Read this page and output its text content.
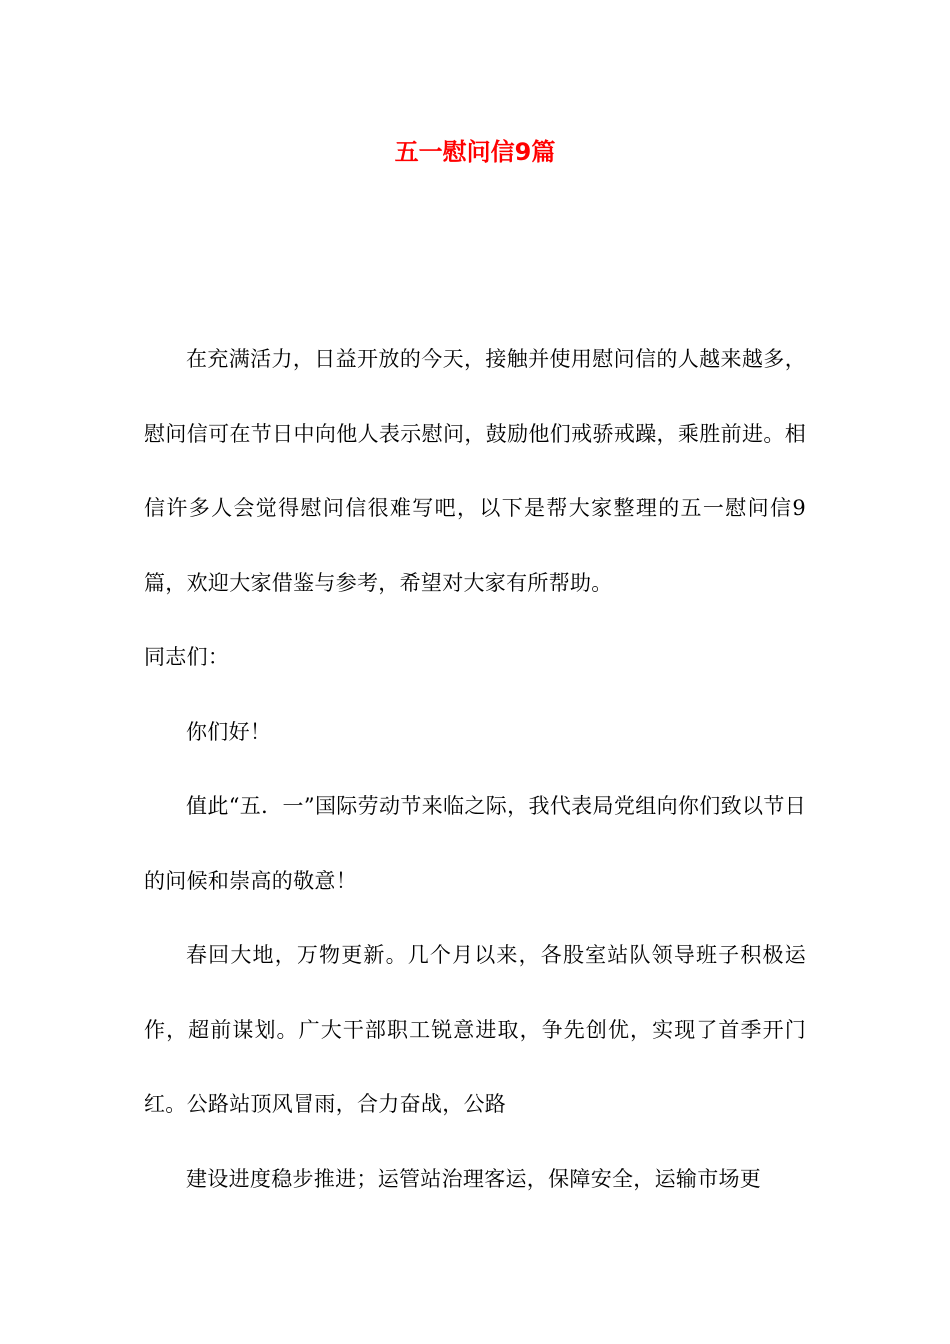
五一慰问信9篇

在充满活力，日益开放的今天，接触并使用慰问信的人越来越多，慰问信可在节日中向他人表示慰问，鼓励他们戒骄戒躁，乘胜前进。相信许多人会觉得慰问信很难写吧，以下是帮大家整理的五一慰问信9篇，欢迎大家借鉴与参考，希望对大家有所帮助。

同志们：

你们好！

值此“五．一”国际劳动节来临之际，我代表局党组向你们致以节日的问候和崇高的敬意！

春回大地，万物更新。几个月以来，各股室站队领导班子积极运作，超前谋划。广大干部职工锐意进取，争先创优，实现了首季开门红。公路站顶风冒雨，合力奋战，公路

建设进度稳步推进；运管站治理客运，保障安全，运输市场更
